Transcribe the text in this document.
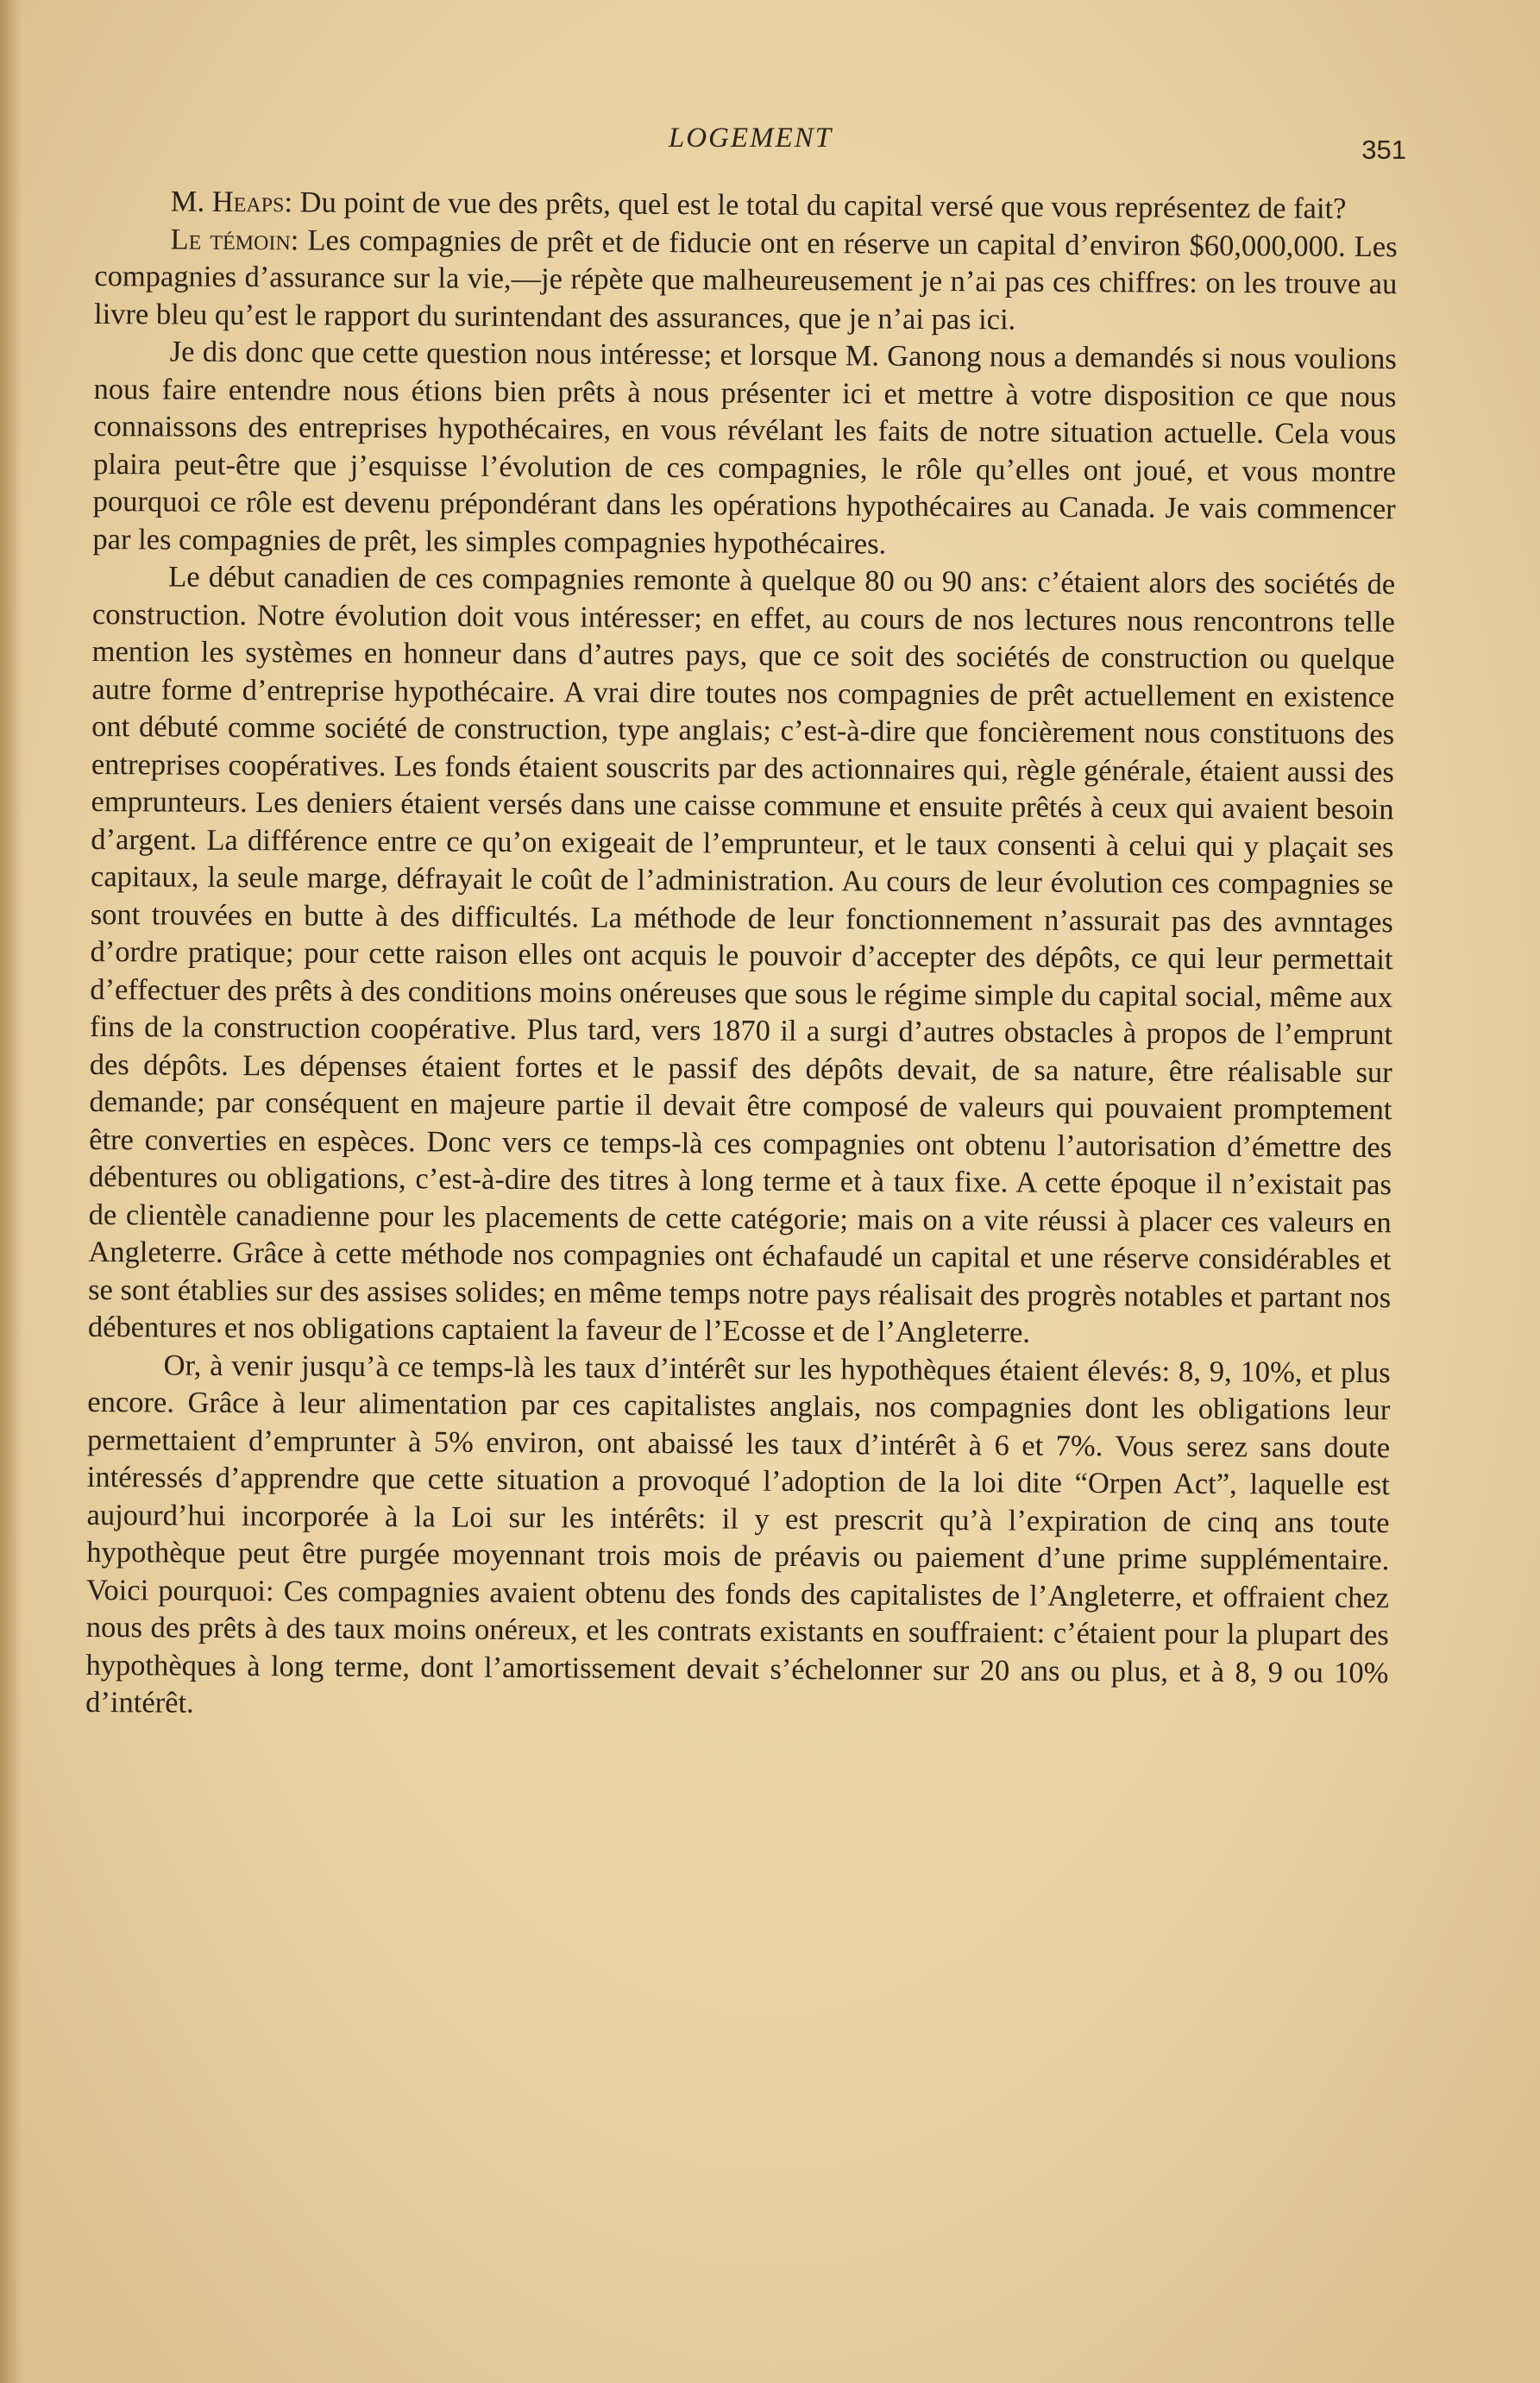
LOGEMENT	351

M. Heaps: Du point de vue des prêts, quel est le total du capital versé que vous représentez de fait?

Le témoin: Les compagnies de prêt et de fiducie ont en réserve un capital d’environ $60,000,000. Les compagnies d’assurance sur la vie,—je répète que malheureusement je n’ai pas ces chiffres: on les trouve au livre bleu qu’est le rapport du surintendant des assurances, que je n’ai pas ici.

Je dis donc que cette question nous intéresse; et lorsque M. Ganong nous a demandés si nous voulions nous faire entendre nous étions bien prêts à nous présenter ici et mettre à votre disposition ce que nous connaissons des entreprises hypothécaires, en vous révélant les faits de notre situation actuelle. Cela vous plaira peut-être que j’esquisse l’évolution de ces compagnies, le rôle qu’elles ont joué, et vous montre pourquoi ce rôle est devenu prépondérant dans les opérations hypothécaires au Canada. Je vais commencer par les compagnies de prêt, les simples compagnies hypothécaires.

Le début canadien de ces compagnies remonte à quelque 80 ou 90 ans: c’étaient alors des sociétés de construction. Notre évolution doit vous intéresser; en effet, au cours de nos lectures nous rencontrons telle mention les systèmes en honneur dans d’autres pays, que ce soit des sociétés de construction ou quelque autre forme d’entreprise hypothécaire. A vrai dire toutes nos compagnies de prêt actuellement en existence ont débuté comme société de construction, type anglais; c’est-à-dire que foncièrement nous constituons des entreprises coopératives. Les fonds étaient souscrits par des actionnaires qui, règle générale, étaient aussi des emprunteurs. Les deniers étaient versés dans une caisse commune et ensuite prêtés à ceux qui avaient besoin d’argent. La différence entre ce qu’on exigeait de l’emprunteur, et le taux consenti à celui qui y plaçait ses capitaux, la seule marge, défrayait le coût de l’administration. Au cours de leur évolution ces compagnies se sont trouvées en butte à des difficultés. La méthode de leur fonctionnement n’assurait pas des avnntages d’ordre pratique; pour cette raison elles ont acquis le pouvoir d’accepter des dépôts, ce qui leur permettait d’effectuer des prêts à des conditions moins onéreuses que sous le régime simple du capital social, même aux fins de la construction coopérative. Plus tard, vers 1870 il a surgi d’autres obstacles à propos de l’emprunt des dépôts. Les dépenses étaient fortes et le passif des dépôts devait, de sa nature, être réalisable sur demande; par conséquent en majeure partie il devait être composé de valeurs qui pouvaient promptement être converties en espèces. Donc vers ce temps-là ces compagnies ont obtenu l’autorisation d’émettre des débentures ou obligations, c’est-à-dire des titres à long terme et à taux fixe. A cette époque il n’existait pas de clientèle canadienne pour les placements de cette catégorie; mais on a vite réussi à placer ces valeurs en Angleterre. Grâce à cette méthode nos compagnies ont échafaudé un capital et une réserve considérables et se sont établies sur des assises solides; en même temps notre pays réalisait des progrès notables et partant nos débentures et nos obligations captaient la faveur de l’Ecosse et de l’Angleterre.

Or, à venir jusqu’à ce temps-là les taux d’intérêt sur les hypothèques étaient élevés: 8, 9, 10%, et plus encore. Grâce à leur alimentation par ces capitalistes anglais, nos compagnies dont les obligations leur permettaient d’emprunter à 5% environ, ont abaissé les taux d’intérêt à 6 et 7%. Vous serez sans doute intéressés d’apprendre que cette situation a provoqué l’adoption de la loi dite “Orpen Act”, laquelle est aujourd’hui incorporée à la Loi sur les intérêts: il y est prescrit qu’à l’expiration de cinq ans toute hypothèque peut être purgée moyennant trois mois de préavis ou paiement d’une prime supplémentaire. Voici pourquoi: Ces compagnies avaient obtenu des fonds des capitalistes de l’Angleterre, et offraient chez nous des prêts à des taux moins onéreux, et les contrats existants en souffraient: c’étaient pour la plupart des hypothèques à long terme, dont l’amortissement devait s’échelonner sur 20 ans ou plus, et à 8, 9 ou 10% d’intérêt.
